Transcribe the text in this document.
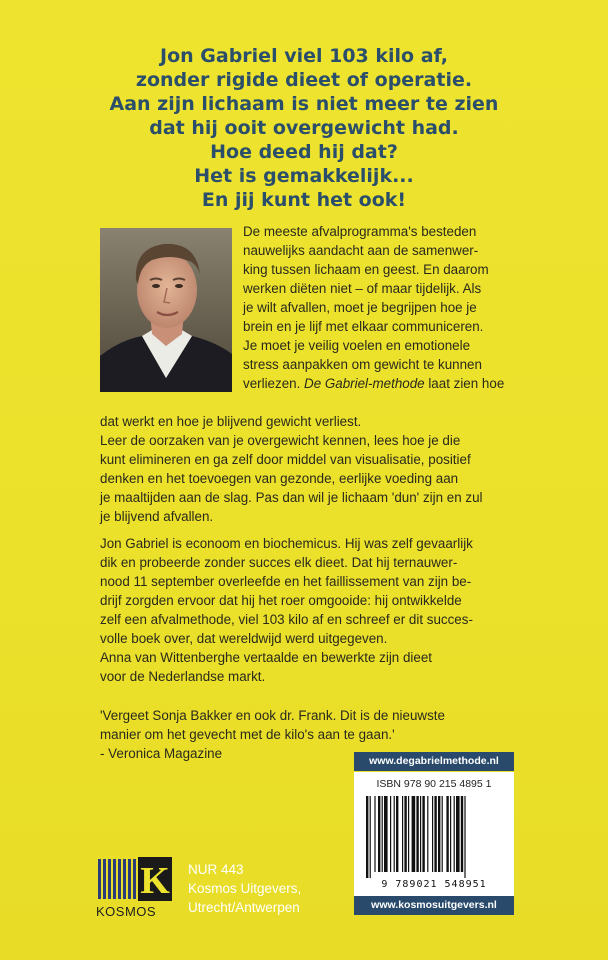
Jon Gabriel viel 103 kilo af,
zonder rigide dieet of operatie.
Aan zijn lichaam is niet meer te zien
dat hij ooit overgewicht had.
Hoe deed hij dat?
Het is gemakkelijk...
En jij kunt het ook!
De meeste afvalprogramma's besteden
nauwelijks aandacht aan de samenwer-
king tussen lichaam en geest. En daarom
werken diëten niet – of maar tijdelijk. Als
je wilt afvallen, moet je begrijpen hoe je
brein en je lijf met elkaar communiceren.
Je moet je veilig voelen en emotionele
stress aanpakken om gewicht te kunnen
verliezen. De Gabriel-methode laat zien hoe
dat werkt en hoe je blijvend gewicht verliest.
Leer de oorzaken van je overgewicht kennen, lees hoe je die
kunt elimineren en ga zelf door middel van visualisatie, positief
denken en het toevoegen van gezonde, eerlijke voeding aan
je maaltijden aan de slag. Pas dan wil je lichaam 'dun' zijn en zul
je blijvend afvallen.
Jon Gabriel is econoom en biochemicus. Hij was zelf gevaarlijk
dik en probeerde zonder succes elk dieet. Dat hij ternauwer-
nood 11 september overleefde en het faillissement van zijn be-
drijf zorgden ervoor dat hij het roer omgooide: hij ontwikkelde
zelf een afvalmethode, viel 103 kilo af en schreef er dit succes-
volle boek over, dat wereldwijd werd uitgegeven.
Anna van Wittenberghe vertaalde en bewerkte zijn dieet
voor de Nederlandse markt.
'Vergeet Sonja Bakker en ook dr. Frank. Dit is de nieuwste
manier om het gevecht met de kilo's aan te gaan.'
- Veronica Magazine	www.degabrielmethode.nl
ISBN 978 90 215 4895 1
9 789021 548951
www.kosmosuitgevers.nl
K
KOSMOS
NUR 443
Kosmos Uitgevers,
Utrecht/Antwerpen
